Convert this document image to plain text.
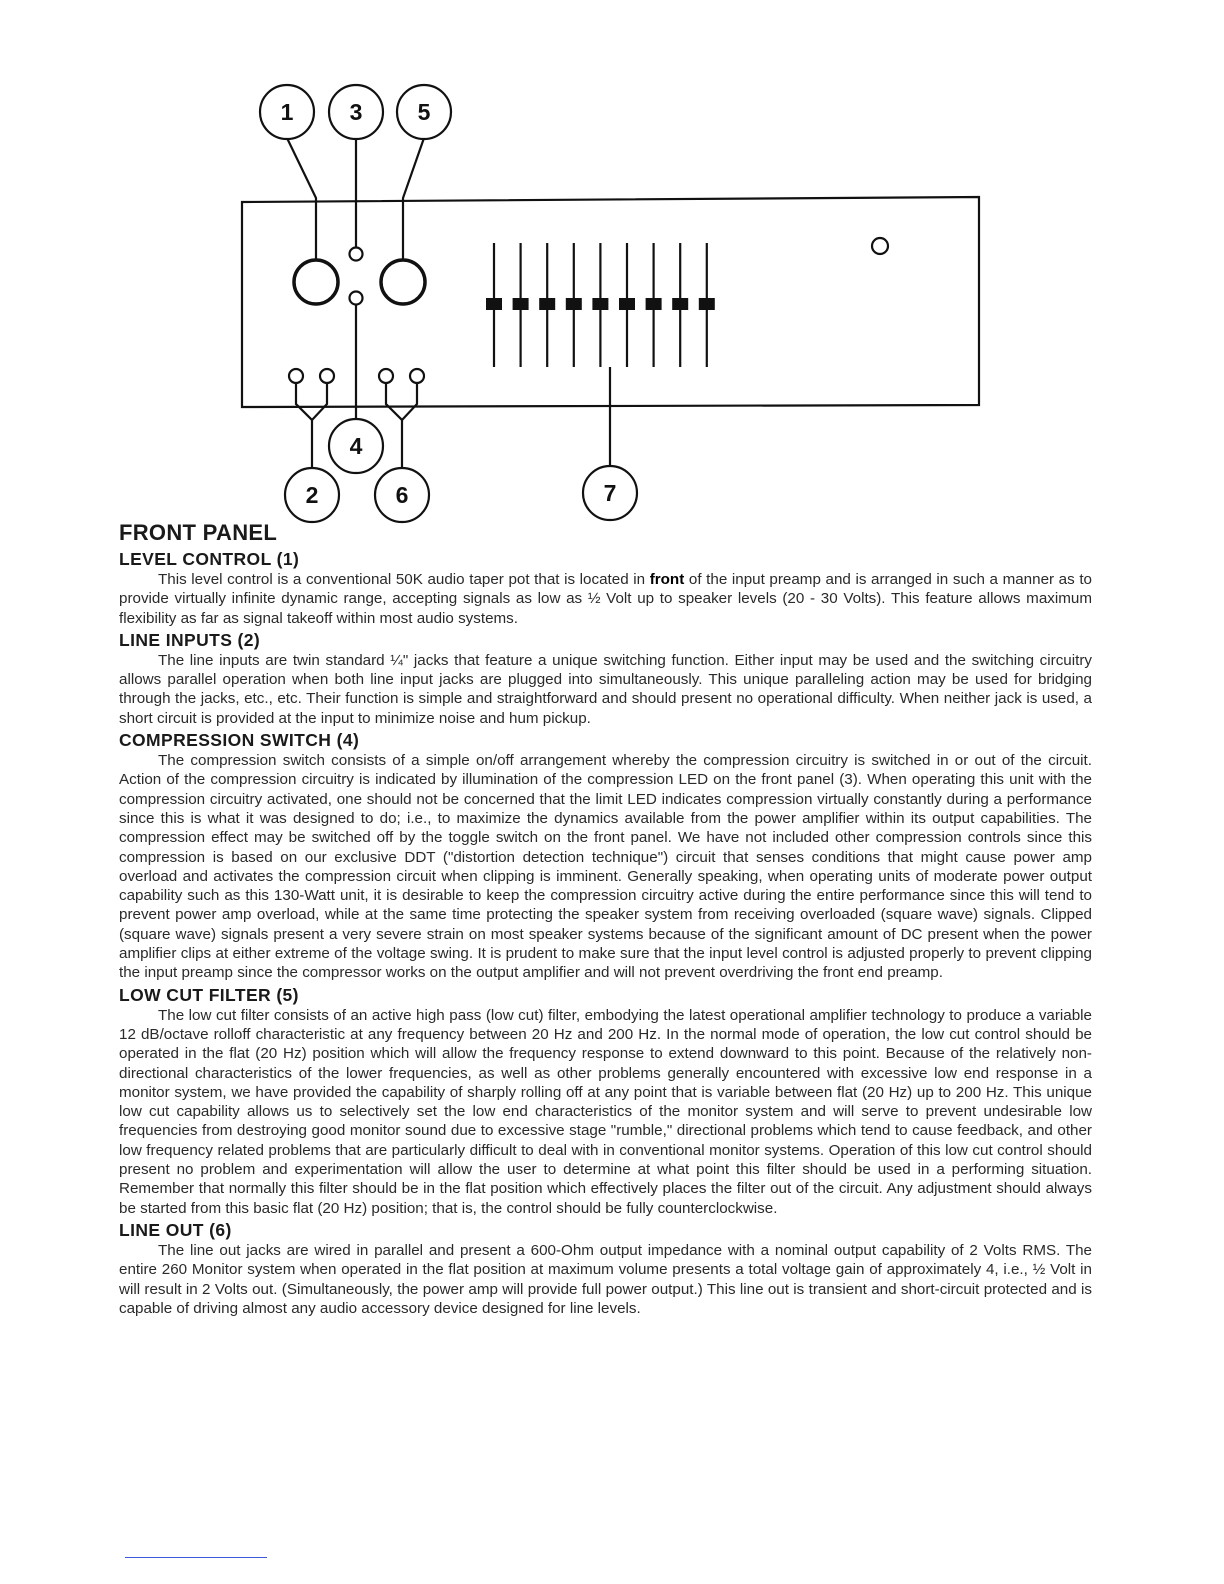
1 3 5
4
2	6	7
FRONT PANEL
LEVEL CONTROL (1)

This level control is a conventional 50K audio taper pot that is located in front of the input preamp and is arranged in such a manner as to provide virtually infinite dynamic range, accepting signals as low as ½ Volt up to speaker levels (20 - 30 Volts). This feature allows maximum flexibility as far as signal takeoff within most audio systems.

LINE INPUTS (2)

The line inputs are twin standard ¼" jacks that feature a unique switching function. Either input may be used and the switching circuitry allows parallel operation when both line input jacks are plugged into simultaneously. This unique paralleling action may be used for bridging through the jacks, etc., etc. Their function is simple and straightforward and should present no operational difficulty. When neither jack is used, a short circuit is provided at the input to minimize noise and hum pickup.

COMPRESSION SWITCH (4)

The compression switch consists of a simple on/off arrangement whereby the compression circuitry is switched in or out of the circuit. Action of the compression circuitry is indicated by illumination of the compression LED on the front panel (3). When operating this unit with the compression circuitry activated, one should not be concerned that the limit LED indicates compression virtually constantly during a performance since this is what it was designed to do; i.e., to maximize the dynamics available from the power amplifier within its output capabilities. The compression effect may be switched off by the toggle switch on the front panel. We have not included other compression controls since this compression is based on our exclusive DDT ("distortion detection technique") circuit that senses conditions that might cause power amp overload and activates the compression circuit when clipping is imminent. Generally speaking, when operating units of moderate power output capability such as this 130-Watt unit, it is desirable to keep the compression circuitry active during the entire performance since this will tend to prevent power amp overload, while at the same time protecting the speaker system from receiving overloaded (square wave) signals. Clipped (square wave) signals present a very severe strain on most speaker systems because of the significant amount of DC present when the power amplifier clips at either extreme of the voltage swing. It is prudent to make sure that the input level control is adjusted properly to prevent clipping the input preamp since the compressor works on the output amplifier and will not prevent overdriving the front end preamp.

LOW CUT FILTER (5)

The low cut filter consists of an active high pass (low cut) filter, embodying the latest operational amplifier technology to produce a variable 12 dB/octave rolloff characteristic at any frequency between 20 Hz and 200 Hz. In the normal mode of operation, the low cut control should be operated in the flat (20 Hz) position which will allow the frequency response to extend downward to this point. Because of the relatively non-directional characteristics of the lower frequencies, as well as other problems generally encountered with excessive low end response in a monitor system, we have provided the capability of sharply rolling off at any point that is variable between flat (20 Hz) up to 200 Hz. This unique low cut capability allows us to selectively set the low end characteristics of the monitor system and will serve to prevent undesirable low frequencies from destroying good monitor sound due to excessive stage "rumble," directional problems which tend to cause feedback, and other low frequency related problems that are particularly difficult to deal with in conventional monitor systems. Operation of this low cut control should present no problem and experimentation will allow the user to determine at what point this filter should be used in a performing situation. Remember that normally this filter should be in the flat position which effectively places the filter out of the circuit. Any adjustment should always be started from this basic flat (20 Hz) position; that is, the control should be fully counterclockwise.

LINE OUT (6)

The line out jacks are wired in parallel and present a 600-Ohm output impedance with a nominal output capability of 2 Volts RMS. The entire 260 Monitor system when operated in the flat position at maximum volume presents a total voltage gain of approximately 4, i.e., ½ Volt in will result in 2 Volts out. (Simultaneously, the power amp will provide full power output.) This line out is transient and short-circuit protected and is capable of driving almost any audio accessory device designed for line levels.
